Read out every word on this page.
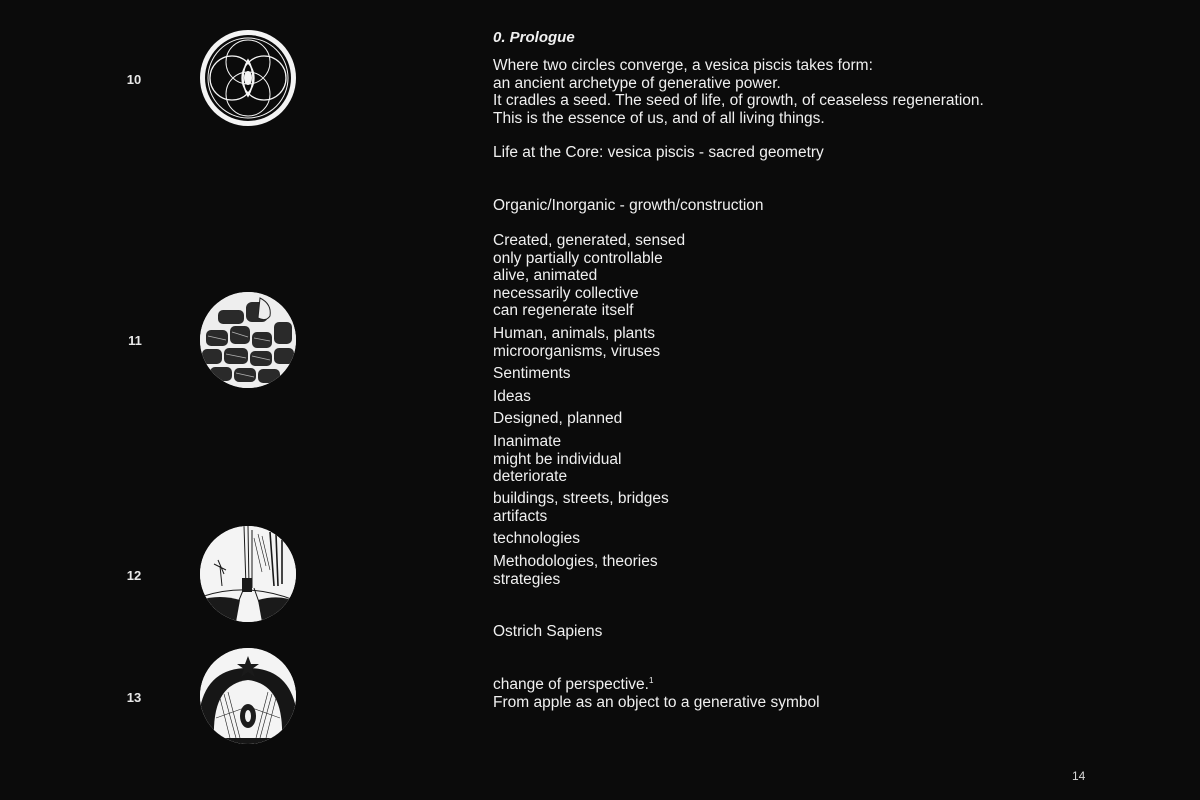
10
11
12
13
0. Prologue
Where two circles converge, a vesica piscis takes form:
an ancient archetype of generative power.
It cradles a seed. The seed of life, of growth, of ceaseless regeneration.
This is the essence of us, and of all living things.
Life at the Core: vesica piscis - sacred geometry
Organic/Inorganic - growth/construction
Created, generated, sensed
only partially controllable
alive, animated
necessarily collective
can regenerate itself
Human, animals, plants
microorganisms, viruses
Sentiments
Ideas
Designed, planned
Inanimate
might be individual
deteriorate
buildings, streets, bridges
artifacts
technologies
Methodologies, theories
strategies
Ostrich Sapiens
change of perspective.$^1$
From apple as an object to a generative symbol
14
